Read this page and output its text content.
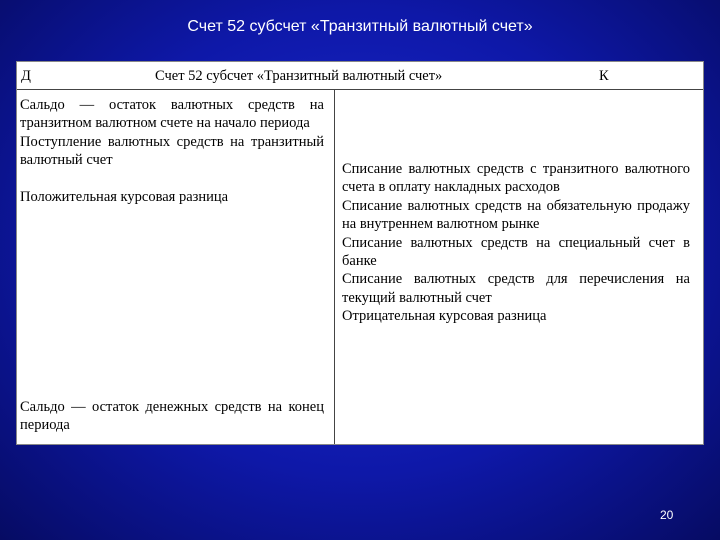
Счет 52 субсчет «Транзитный валютный счет»
Д	Счет 52 субсчет «Транзитный валютный счет»	К

Сальдо — остаток валютных средств на транзитном валютном счете на начало периода

Поступление валютных средств на транзитный валютный счет

Положительная курсовая разница

Списание валютных средств с транзитного валютного счета в оплату накладных расходов

Списание валютных средств на обязательную продажу на внутреннем валютном рынке

Списание валютных средств на специальный счет в банке

Списание валютных средств для перечисления на текущий валютный счет

Отрицательная курсовая разница

Сальдо — остаток денежных средств на конец периода

20
